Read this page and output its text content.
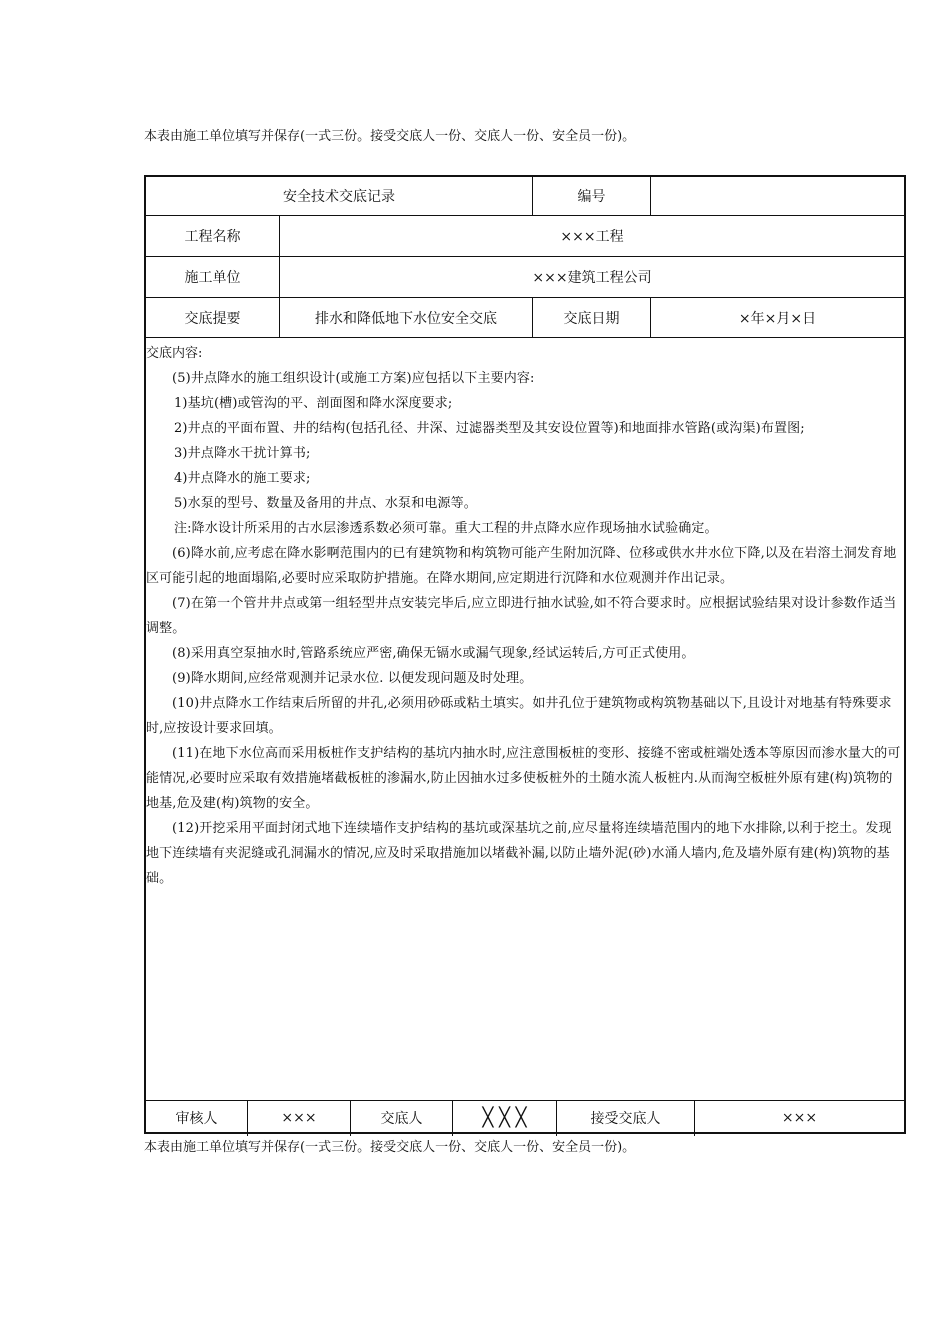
本表由施工单位填写并保存(一式三份。接受交底人一份、交底人一份、安全员一份)。
安全技术交底记录	编号
工程名称	×××工程
施工单位	×××建筑工程公司
交底提要	排水和降低地下水位安全交底	交底日期	×年×月×日
交底内容:

(5)井点降水的施工组织设计(或施工方案)应包括以下主要内容:

1)基坑(槽)或管沟的平、剖面图和降水深度要求;

2)井点的平面布置、井的结构(包括孔径、井深、过滤器类型及其安设位置等)和地面排水管路(或沟渠)布置图;

3)井点降水干扰计算书;

4)井点降水的施工要求;

5)水泵的型号、数量及备用的井点、水泵和电源等。

注:降水设计所采用的古水层渗透系数必须可靠。重大工程的井点降水应作现场抽水试验确定。

(6)降水前,应考虑在降水影啊范围内的已有建筑物和构筑物可能产生附加沉降、位移或供水井水位下降,以及在岩溶土洞发育地区可能引起的地面塌陷,必要时应采取防护措施。在降水期间,应定期进行沉降和水位观测并作出记录。

(7)在第一个管井井点或第一组轻型井点安装完毕后,应立即进行抽水试验,如不符合要求时。应根据试验结果对设计参数作适当调整。

(8)采用真空泵抽水时,管路系统应严密,确保无镉水或漏气现象,经试运转后,方可正式使用。

(9)降水期间,应经常观测并记录水位. 以便发现问题及时处理。

(10)井点降水工作结束后所留的井孔,必须用砂砾或粘土填实。如井孔位于建筑物或构筑物基础以下,且设计对地基有特殊要求时,应按设计要求回填。

(11)在地下水位高而采用板桩作支护结构的基坑内抽水时,应注意围板桩的变形、接缝不密或桩端处透本等原因而渗水量大的可能情况,必要时应采取有效措施堵截板桩的渗漏水,防止因抽水过多使板桩外的土随水流人板桩内.从而淘空板桩外原有建(构)筑物的地基,危及建(构)筑物的安全。

(12)开挖采用平面封闭式地下连续墙作支护结构的基坑或深基坑之前,应尽量将连续墙范围内的地下水排除,以利于挖土。发现地下连续墙有夹泥缝或孔洞漏水的情况,应及时采取措施加以堵截补漏,以防止墙外泥(砂)水涌人墙内,危及墙外原有建(构)筑物的基础。

审核人	×××	交底人	╳ ╳ ╳	接受交底人	×××
本表由施工单位填写并保存(一式三份。接受交底人一份、交底人一份、安全员一份)。
